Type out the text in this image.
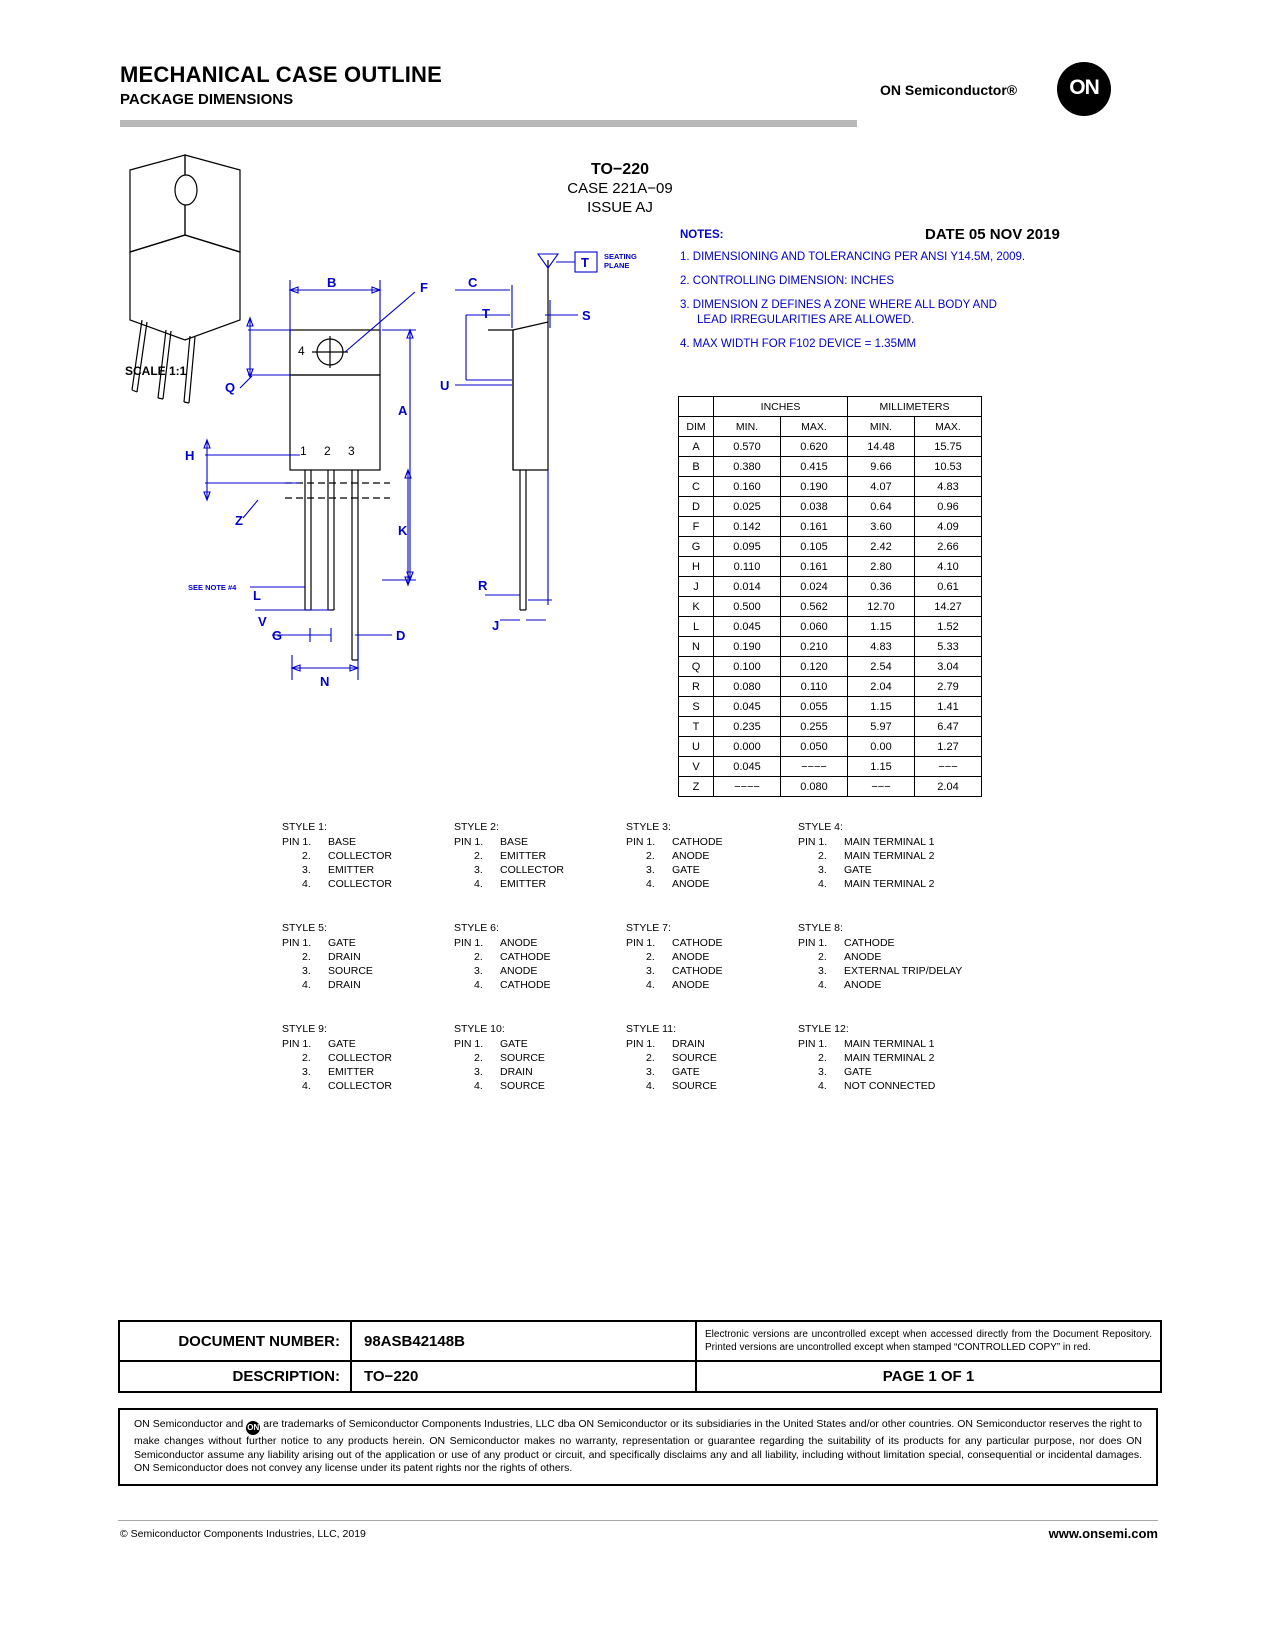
MECHANICAL CASE OUTLINE
PACKAGE DIMENSIONS
ON Semiconductor® ON
TO−220
CASE 221A−09
ISSUE AJ
DATE 05 NOV 2019
SCALE 1:1
NOTES:
1. DIMENSIONING AND TOLERANCING PER ANSI Y14.5M, 2009.
2. CONTROLLING DIMENSION: INCHES
3. DIMENSION Z DEFINES A ZONE WHERE ALL BODY AND
LEAD IRREGULARITIES ARE ALLOWED.
4. MAX WIDTH FOR F102 DEVICE = 1.35MM
1 2 3
4
B	F
A
Q
H
Z
K
L
V
G	D
N
SEE NOTE #4
T SEATING
PLANE
C
S
T
U
R
J
	INCHES		MILLIMETERS	
DIM	MIN.	MAX.	MIN.	MAX.
A	0.570	0.620	14.48	15.75
B	0.380	0.415	9.66	10.53
C	0.160	0.190	4.07	4.83
D	0.025	0.038	0.64	0.96
F	0.142	0.161	3.60	4.09
G	0.095	0.105	2.42	2.66
H	0.110	0.161	2.80	4.10
J	0.014	0.024	0.36	0.61
K	0.500	0.562	12.70	14.27
L	0.045	0.060	1.15	1.52
N	0.190	0.210	4.83	5.33
Q	0.100	0.120	2.54	3.04
R	0.080	0.110	2.04	2.79
S	0.045	0.055	1.15	1.41
T	0.235	0.255	5.97	6.47
U	0.000	0.050	0.00	1.27
V	0.045	−−−−	1.15	−−−
Z	−−−−	0.080	−−−	2.04
STYLE 1:
PIN 1.	BASE
2.	COLLECTOR
3.	EMITTER
4.	COLLECTOR
STYLE 2:
PIN 1.	BASE
2.	EMITTER
3.	COLLECTOR
4.	EMITTER
STYLE 3:
PIN 1.	CATHODE
2.	ANODE
3.	GATE
4.	ANODE
STYLE 4:
PIN 1.	MAIN TERMINAL 1
2.	MAIN TERMINAL 2
3.	GATE
4.	MAIN TERMINAL 2
STYLE 5:
PIN 1.	GATE
2.	DRAIN
3.	SOURCE
4.	DRAIN
STYLE 6:
PIN 1.	ANODE
2.	CATHODE
3.	ANODE
4.	CATHODE
STYLE 7:
PIN 1.	CATHODE
2.	ANODE
3.	CATHODE
4.	ANODE
STYLE 8:
PIN 1.	CATHODE
2.	ANODE
3.	EXTERNAL TRIP/DELAY
4.	ANODE
STYLE 9:
PIN 1.	GATE
2.	COLLECTOR
3.	EMITTER
4.	COLLECTOR
STYLE 10:
PIN 1.	GATE
2.	SOURCE
3.	DRAIN
4.	SOURCE
STYLE 11:
PIN 1.	DRAIN
2.	SOURCE
3.	GATE
4.	SOURCE
STYLE 12:
PIN 1.	MAIN TERMINAL 1
2.	MAIN TERMINAL 2
3.	GATE
4.	NOT CONNECTED
DOCUMENT NUMBER:	98ASB42148B	Electronic versions are uncontrolled except when accessed directly from the Document Repository. Printed versions are uncontrolled except when stamped “CONTROLLED COPY” in red.
DESCRIPTION:	TO−220	PAGE 1 OF 1
ON Semiconductor and ON are trademarks of Semiconductor Components Industries, LLC dba ON Semiconductor or its subsidiaries in the United States and/or other countries. ON Semiconductor reserves the right to make changes without further notice to any products herein. ON Semiconductor makes no warranty, representation or guarantee regarding the suitability of its products for any particular purpose, nor does ON Semiconductor assume any liability arising out of the application or use of any product or circuit, and specifically disclaims any and all liability, including without limitation special, consequential or incidental damages. ON Semiconductor does not convey any license under its patent rights nor the rights of others.
© Semiconductor Components Industries, LLC, 2019	www.onsemi.com
